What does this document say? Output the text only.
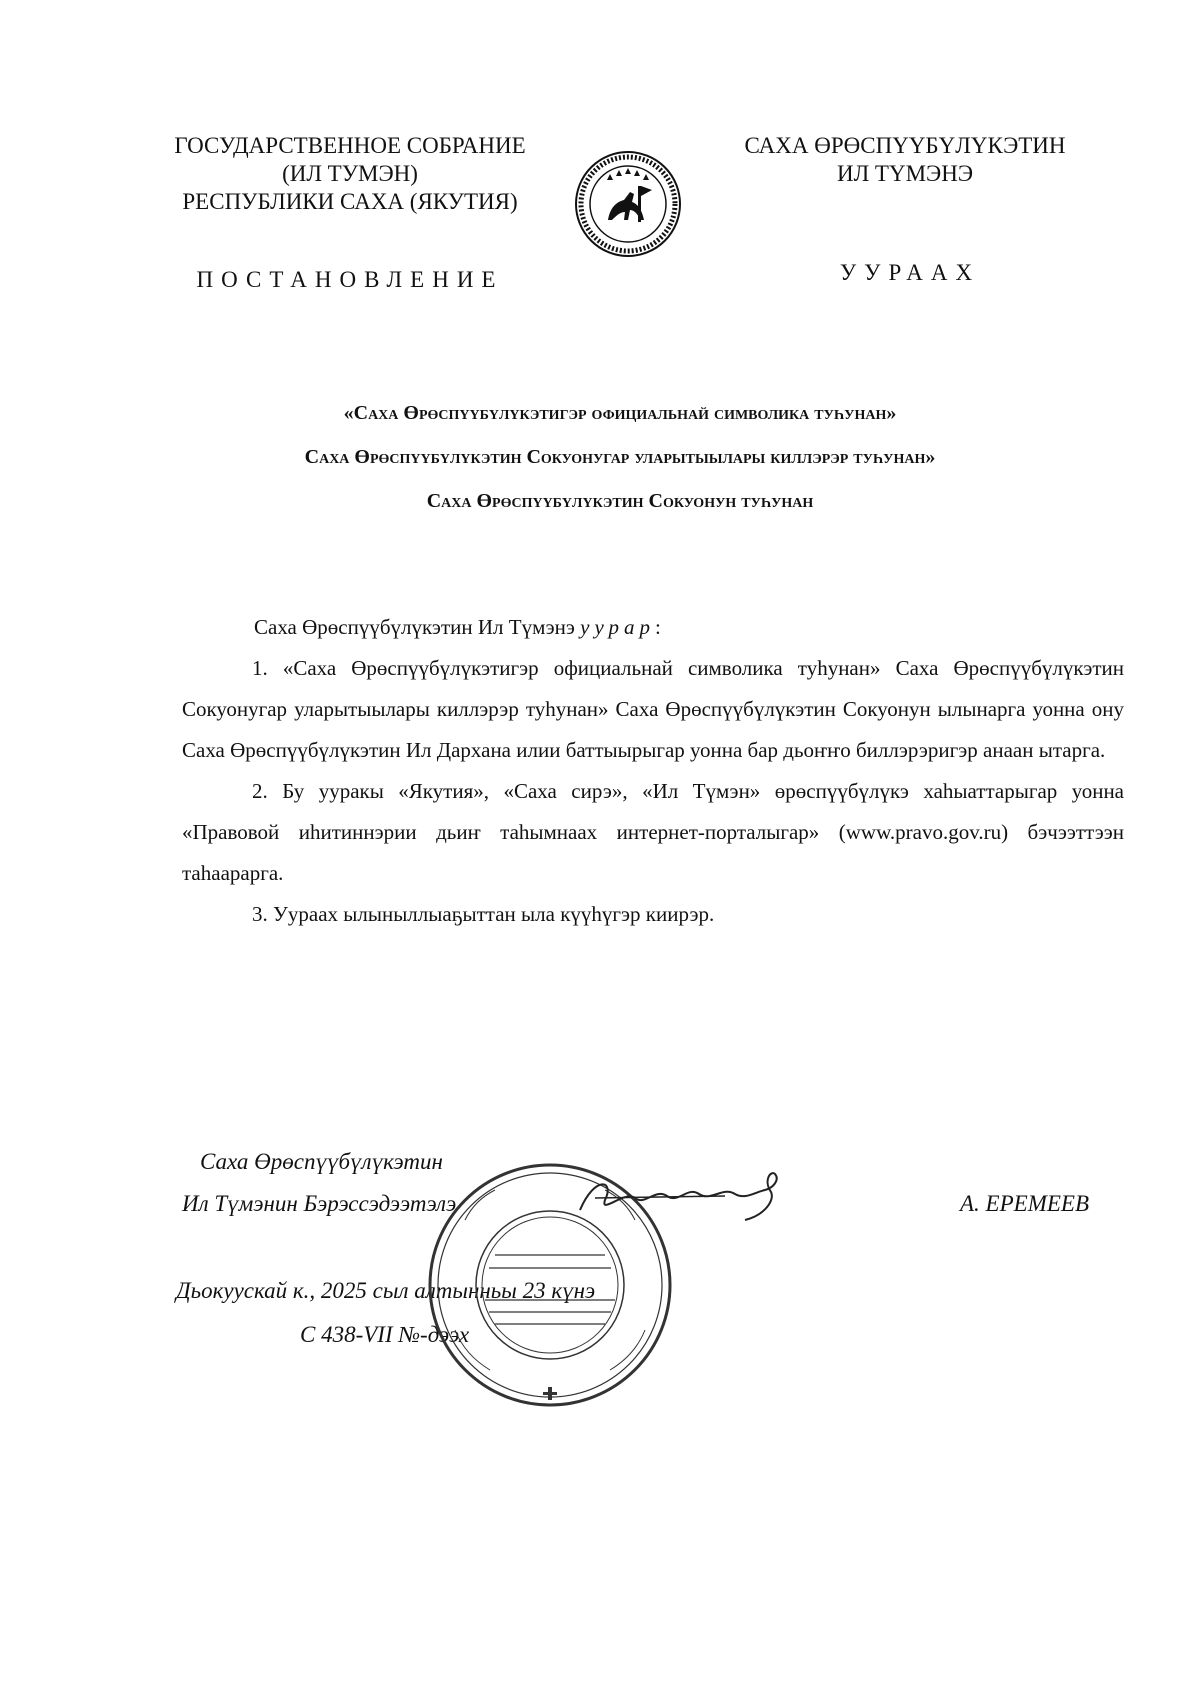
ГОСУДАРСТВЕННОЕ СОБРАНИЕ
(ИЛ ТУМЭН)
РЕСПУБЛИКИ САХА (ЯКУТИЯ)
ПОСТАНОВЛЕНИЕ
САХА ӨРӨСПҮҮБҮЛҮКЭТИН
ИЛ ТҮМЭНЭ
УУРААХ
«Саха Өрөспүүбүлүкэтигэр официальнай символика туһунан»
Саха Өрөспүүбүлүкэтин Сокуонугар уларытыылары киллэрэр туһунан»
Саха Өрөспүүбүлүкэтин Сокуонун туһунан

Саха Өрөспүүбүлүкэтин Ил Түмэнэ уурар:

1. «Саха Өрөспүүбүлүкэтигэр официальнай символика туһунан» Саха Өрөспүүбүлүкэтин Сокуонугар уларытыылары киллэрэр туһунан» Саха Өрөспүүбүлүкэтин Сокуонун ылынарга уонна ону Саха Өрөспүүбүлүкэтин Ил Дархана илии баттыырыгар уонна бар дьоҥҥо биллэрэригэр анаан ытарга.

2. Бу ууракы «Якутия», «Саха сирэ», «Ил Түмэн» өрөспүүбүлүкэ хаһыаттарыгар уонна «Правовой иһитиннэрии дьиҥ таһымнаах интернет-порталыгар» (www.pravo.gov.ru) бэчээттээн таһаарарга.

3. Уураах ылыныллыаҕыттан ыла күүһүгэр киирэр.

Саха Өрөспүүбүлүкэтин
Ил Түмэнин Бэрэссэдээтэлэ	А. ЕРЕМЕЕВ
Дьокуускай к., 2025 сыл алтынньы 23 күнэ
С 438-VII №-дээх
